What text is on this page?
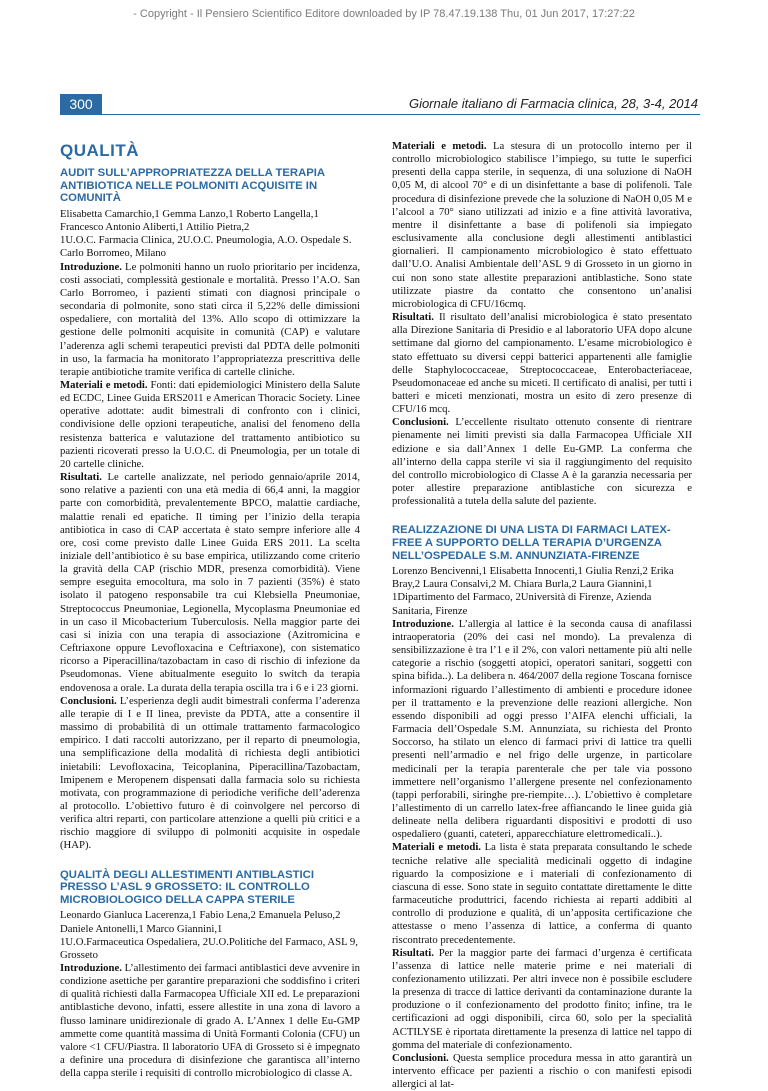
- Copyright - Il Pensiero Scientifico Editore downloaded by IP 78.47.19.138 Thu, 01 Jun 2017, 17:27:22
300	Giornale italiano di Farmacia clinica, 28, 3-4, 2014
QUALITÀ
AUDIT SULL’APPROPRIATEZZA DELLA TERAPIA ANTIBIOTICA NELLE POLMONITI ACQUISITE IN COMUNITÀ

Elisabetta Camarchio,1 Gemma Lanzo,1 Roberto Langella,1 Francesco Antonio Aliberti,1 Attilio Pietra,2

1U.O.C. Farmacia Clinica, 2U.O.C. Pneumologia, A.O. Ospedale S. Carlo Borromeo, Milano

Introduzione. Le polmoniti hanno un ruolo prioritario per incidenza, costi associati, complessità gestionale e mortalità. Presso l’A.O. San Carlo Borromeo, i pazienti stimati con diagnosi principale o secondaria di polmonite, sono stati circa il 5,22% delle dimissioni ospedaliere, con mortalità del 13%. Allo scopo di ottimizzare la gestione delle polmoniti acquisite in comunità (CAP) e valutare l’aderenza agli schemi terapeutici previsti dal PDTA delle polmoniti in uso, la farmacia ha monitorato l’appropriatezza prescrittiva delle terapie antibiotiche tramite verifica di cartelle cliniche.

Materiali e metodi. Fonti: dati epidemiologici Ministero della Salute ed ECDC, Linee Guida ERS2011 e American Thoracic Society. Linee operative adottate: audit bimestrali di confronto con i clinici, condivisione delle opzioni terapeutiche, analisi del fenomeno della resistenza batterica e valutazione del trattamento antibiotico su pazienti ricoverati presso la U.O.C. di Pneumologia, per un totale di 20 cartelle cliniche.

Risultati. Le cartelle analizzate, nel periodo gennaio/aprile 2014, sono relative a pazienti con una età media di 66,4 anni, la maggior parte con comorbidità, prevalentemente BPCO, malattie cardiache, malattie renali ed epatiche. Il timing per l’inizio della terapia antibiotica in caso di CAP accertata è stato sempre inferiore alle 4 ore, così come previsto dalle Linee Guida ERS 2011. La scelta iniziale dell’antibiotico è su base empirica, utilizzando come criterio la gravità della CAP (rischio MDR, presenza comorbidità). Viene sempre eseguita emocoltura, ma solo in 7 pazienti (35%) è stato isolato il patogeno responsabile tra cui Klebsiella Pneumoniae, Streptococcus Pneumoniae, Legionella, Mycoplasma Pneumoniae ed in un caso il Micobacterium Tuberculosis. Nella maggior parte dei casi si inizia con una terapia di associazione (Azitromicina e Ceftriaxone oppure Levofloxacina e Ceftriaxone), con sistematico ricorso a Piperacillina/tazobactam in caso di rischio di infezione da Pseudomonas. Viene abitualmente eseguito lo switch da terapia endovenosa a orale. La durata della terapia oscilla tra i 6 e i 23 giorni.

Conclusioni. L’esperienza degli audit bimestrali conferma l’aderenza alle terapie di I e II linea, previste da PDTA, atte a consentire il massimo di probabilità di un ottimale trattamento farmacologico empirico. I dati raccolti autorizzano, per il reparto di pneumologia, una semplificazione della modalità di richiesta degli antibiotici inietabili: Levofloxacina, Teicoplanina, Piperacillina/Tazobactam, Imipenem e Meropenem dispensati dalla farmacia solo su richiesta motivata, con programmazione di periodiche verifiche dell’aderenza al protocollo. L’obiettivo futuro è di coinvolgere nel percorso di verifica altri reparti, con particolare attenzione a quelli più critici e a rischio maggiore di sviluppo di polmoniti acquisite in ospedale (HAP).

QUALITÀ DEGLI ALLESTIMENTI ANTIBLASTICI PRESSO L’ASL 9 GROSSETO: IL CONTROLLO MICROBIOLOGICO DELLA CAPPA STERILE

Leonardo Gianluca Lacerenza,1 Fabio Lena,2 Emanuela Peluso,2 Daniele Antonelli,1 Marco Giannini,1

1U.O.Farmaceutica Ospedaliera, 2U.O.Politiche del Farmaco, ASL 9, Grosseto

Introduzione. L’allestimento dei farmaci antiblastici deve avvenire in condizione asettiche per garantire preparazioni che soddisfino i criteri di qualità richiesti dalla Farmacopea Ufficiale XII ed. Le preparazioni antiblastiche devono, infatti, essere allestite in una zona di lavoro a flusso laminare unidirezionale di grado A. L’Annex 1 delle Eu-GMP ammette come quantità massima di Unità Formanti Colonia (CFU) un valore <1 CFU/Piastra. Il laboratorio UFA di Grosseto si è impegnato a definire una procedura di disinfezione che garantisca all’interno della cappa sterile i requisiti di controllo microbiologico di classe A.

Materiali e metodi. La stesura di un protocollo interno per il controllo microbiologico stabilisce l’impiego, su tutte le superfici presenti della cappa sterile, in sequenza, di una soluzione di NaOH 0,05 M, di alcool 70° e di un disinfettante a base di polifenoli. Tale procedura di disinfezione prevede che la soluzione di NaOH 0,05 M e l’alcool a 70° siano utilizzati ad inizio e a fine attività lavorativa, mentre il disinfettante a base di polifenoli sia impiegato esclusivamente alla conclusione degli allestimenti antiblastici giornalieri. Il campionamento microbiologico è stato effettuato dall’U.O. Analisi Ambientale dell’ASL 9 di Grosseto in un giorno in cui non sono state allestite preparazioni antiblastiche. Sono state utilizzate piastre da contatto che consentono un’analisi microbiologica di CFU/16cmq.

Risultati. Il risultato dell’analisi microbiologica è stato presentato alla Direzione Sanitaria di Presidio e al laboratorio UFA dopo alcune settimane dal giorno del campionamento. L’esame microbiologico è stato effettuato su diversi ceppi batterici appartenenti alle famiglie delle Staphylococcaceae, Streptococcaceae, Enterobacteriaceae, Pseudomonaceae ed anche su miceti. Il certificato di analisi, per tutti i batteri e miceti menzionati, mostra un esito di zero presenze di CFU/16 mcq.

Conclusioni. L’eccellente risultato ottenuto consente di rientrare pienamente nei limiti previsti sia dalla Farmacopea Ufficiale XII edizione e sia dall’Annex 1 delle Eu-GMP. La conferma che all’interno della cappa sterile vi sia il raggiungimento del requisito del controllo microbiologico di Classe A è la garanzia necessaria per poter allestire preparazione antiblastiche con sicurezza e professionalità a tutela della salute del paziente.

REALIZZAZIONE DI UNA LISTA DI FARMACI LATEX-FREE A SUPPORTO DELLA TERAPIA D’URGENZA NELL’OSPEDALE S.M. ANNUNZIATA-FIRENZE

Lorenzo Bencivenni,1 Elisabetta Innocenti,1 Giulia Renzi,2 Erika Bray,2 Laura Consalvi,2 M. Chiara Burla,2 Laura Giannini,1

1Dipartimento del Farmaco, 2Università di Firenze, Azienda Sanitaria, Firenze

Introduzione. L’allergia al lattice è la seconda causa di anafilassi intraoperatoria (20% dei casi nel mondo). La prevalenza di sensibilizzazione è tra l’1 e il 2%, con valori nettamente più alti nelle categorie a rischio (soggetti atopici, operatori sanitari, soggetti con spina bifida..). La delibera n. 464/2007 della regione Toscana fornisce informazioni riguardo l’allestimento di ambienti e procedure idonee per il trattamento e la prevenzione delle reazioni allergiche. Non essendo disponibili ad oggi presso l’AIFA elenchi ufficiali, la Farmacia dell’Ospedale S.M. Annunziata, su richiesta del Pronto Soccorso, ha stilato un elenco di farmaci privi di lattice tra quelli presenti nell’armadio e nel frigo delle urgenze, in particolare medicinali per la terapia parenterale che per tale via possono immettere nell’organismo l’allergene presente nel confezionamento (tappi perforabili, siringhe pre-riempite…). L’obiettivo è completare l’allestimento di un carrello latex-free affiancando le linee guida già delineate nella delibera riguardanti dispositivi e prodotti di uso ospedaliero (guanti, cateteri, apparecchiature elettromedicali..).

Materiali e metodi. La lista è stata preparata consultando le schede tecniche relative alle specialità medicinali oggetto di indagine riguardo la composizione e i materiali di confezionamento di ciascuna di esse. Sono state in seguito contattate direttamente le ditte farmaceutiche produttrici, facendo richiesta ai reparti addibiti al controllo di produzione e qualità, di un’apposita certificazione che attestasse o meno l’assenza di lattice, a conferma di quanto riscontrato precedentemente.

Risultati. Per la maggior parte dei farmaci d’urgenza è certificata l’assenza di lattice nelle materie prime e nei materiali di confezionamento utilizzati. Per altri invece non è possibile escludere la presenza di tracce di lattice derivanti da contaminazione durante la produzione o il confezionamento del prodotto finito; infine, tra le certificazioni ad oggi disponibili, circa 60, solo per la specialità ACTILYSE è riportata direttamente la presenza di lattice nel tappo di gomma del materiale di confezionamento.

Conclusioni. Questa semplice procedura messa in atto garantirà un intervento efficace per pazienti a rischio o con manifesti episodi allergici al lat-
